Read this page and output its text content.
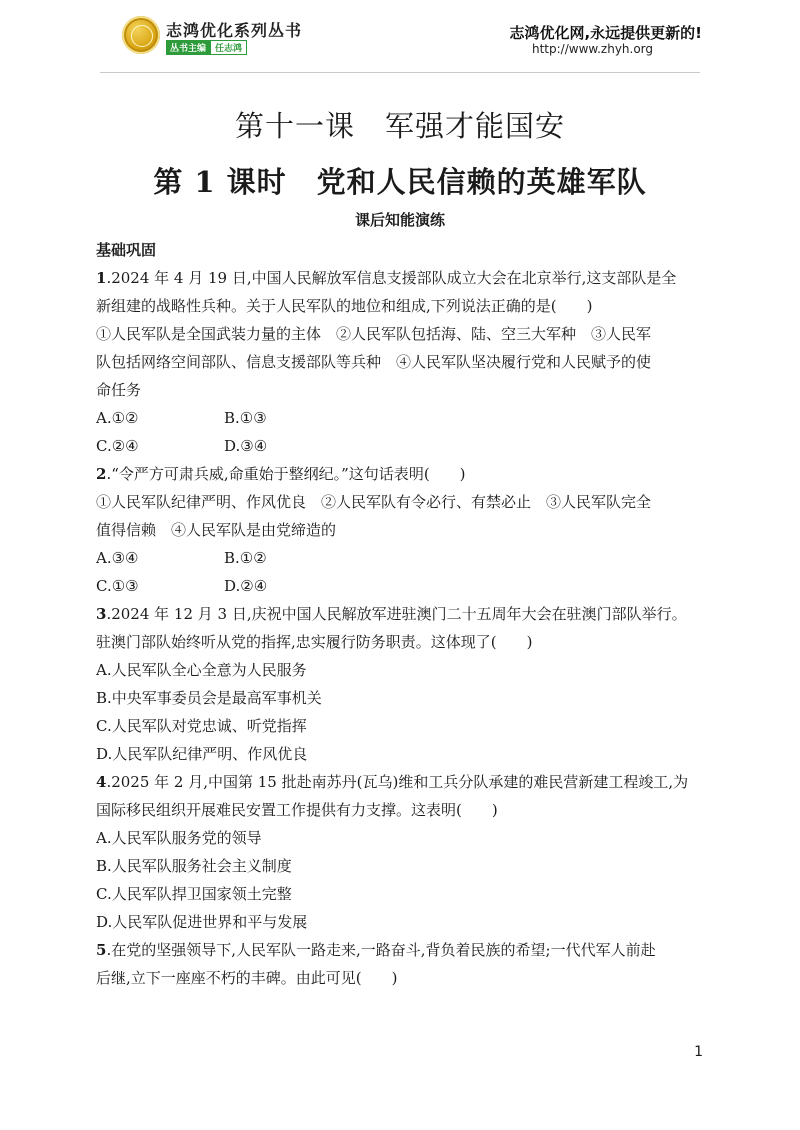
志鸿优化系列丛书
丛书主编 任志鸿
志鸿优化网,永远提供更新的!
http://www.zhyh.org
第十一课　军强才能国安
第 1 课时　党和人民信赖的英雄军队
课后知能演练
基础巩固

1.2024 年 4 月 19 日,中国人民解放军信息支援部队成立大会在北京举行,这支部队是全

新组建的战略性兵种。关于人民军队的地位和组成,下列说法正确的是(　　)

①人民军队是全国武装力量的主体　②人民军队包括海、陆、空三大军种　③人民军

队包括网络空间部队、信息支援部队等兵种　④人民军队坚决履行党和人民赋予的使

命任务

A.①②	B.①③
C.②④	D.③④

2.“令严方可肃兵威,命重始于整纲纪。”这句话表明(　　)

①人民军队纪律严明、作风优良　②人民军队有令必行、有禁必止　③人民军队完全

值得信赖　④人民军队是由党缔造的

A.③④	B.①②
C.①③	D.②④

3.2024 年 12 月 3 日,庆祝中国人民解放军进驻澳门二十五周年大会在驻澳门部队举行。

驻澳门部队始终听从党的指挥,忠实履行防务职责。这体现了(　　)

A.人民军队全心全意为人民服务

B.中央军事委员会是最高军事机关

C.人民军队对党忠诚、听党指挥

D.人民军队纪律严明、作风优良

4.2025 年 2 月,中国第 15 批赴南苏丹(瓦乌)维和工兵分队承建的难民营新建工程竣工,为

国际移民组织开展难民安置工作提供有力支撑。这表明(　　)

A.人民军队服务党的领导

B.人民军队服务社会主义制度

C.人民军队捍卫国家领土完整

D.人民军队促进世界和平与发展

5.在党的坚强领导下,人民军队一路走来,一路奋斗,背负着民族的希望;一代代军人前赴

后继,立下一座座不朽的丰碑。由此可见(　　)

1
